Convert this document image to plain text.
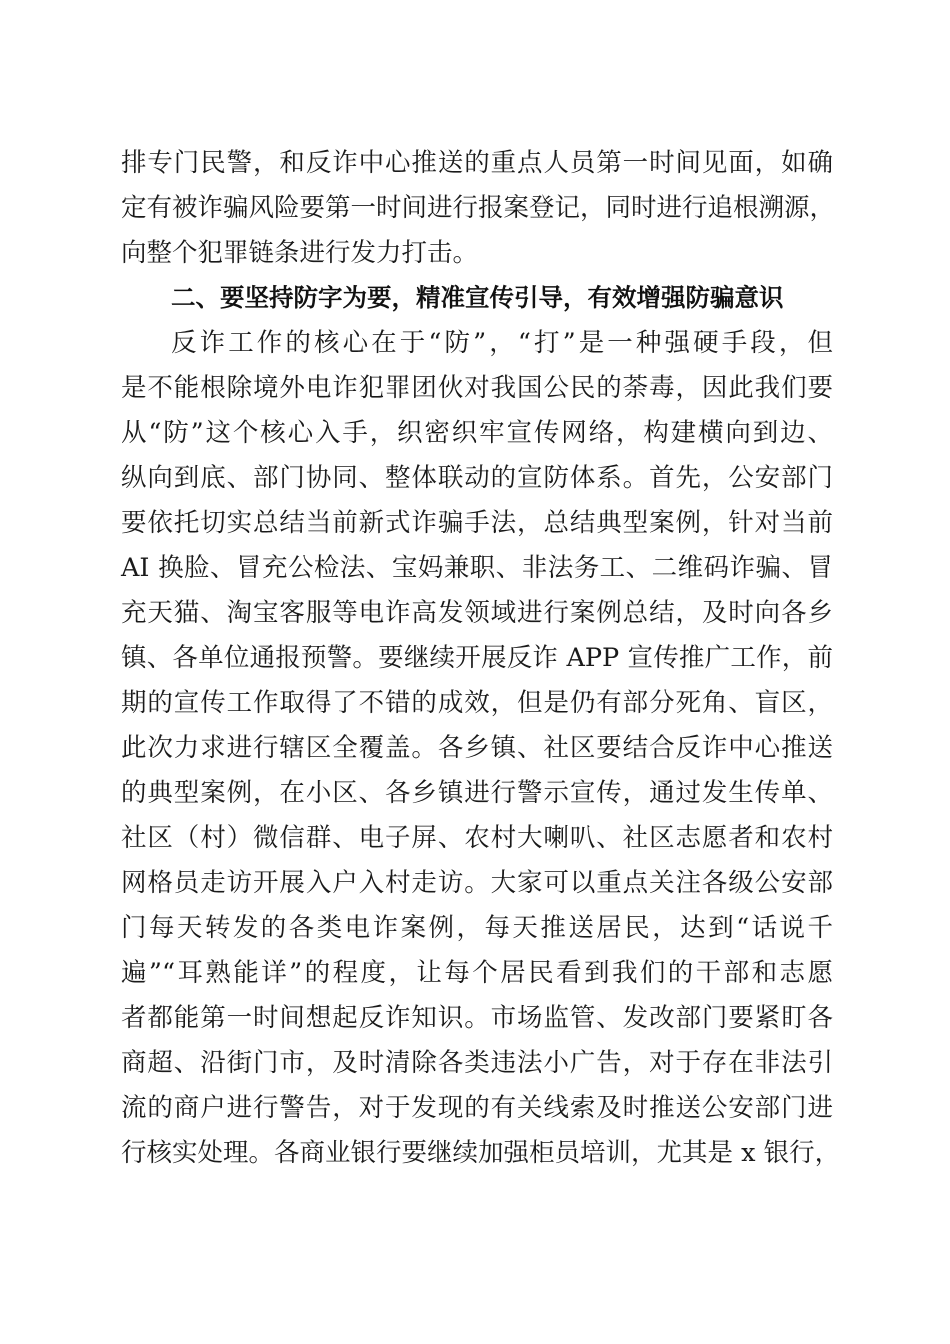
排专门民警，和反诈中心推送的重点人员第一时间见面，如确
定有被诈骗风险要第一时间进行报案登记，同时进行追根溯源，
向整个犯罪链条进行发力打击。
二、要坚持防字为要，精准宣传引导，有效增强防骗意识
反诈工作的核心在于“防”，“打”是一种强硬手段，但
是不能根除境外电诈犯罪团伙对我国公民的荼毒，因此我们要
从“防”这个核心入手，织密织牢宣传网络，构建横向到边、
纵向到底、部门协同、整体联动的宣防体系。首先，公安部门
要依托切实总结当前新式诈骗手法，总结典型案例，针对当前
AI 换脸、冒充公检法、宝妈兼职、非法务工、二维码诈骗、冒
充天猫、淘宝客服等电诈高发领域进行案例总结，及时向各乡
镇、各单位通报预警。要继续开展反诈 APP 宣传推广工作，前
期的宣传工作取得了不错的成效，但是仍有部分死角、盲区，
此次力求进行辖区全覆盖。各乡镇、社区要结合反诈中心推送
的典型案例，在小区、各乡镇进行警示宣传，通过发生传单、
社区（村）微信群、电子屏、农村大喇叭、社区志愿者和农村
网格员走访开展入户入村走访。大家可以重点关注各级公安部
门每天转发的各类电诈案例，每天推送居民，达到“话说千
遍”“耳熟能详”的程度，让每个居民看到我们的干部和志愿
者都能第一时间想起反诈知识。市场监管、发改部门要紧盯各
商超、沿街门市，及时清除各类违法小广告，对于存在非法引
流的商户进行警告，对于发现的有关线索及时推送公安部门进
行核实处理。各商业银行要继续加强柜员培训，尤其是 x 银行，
